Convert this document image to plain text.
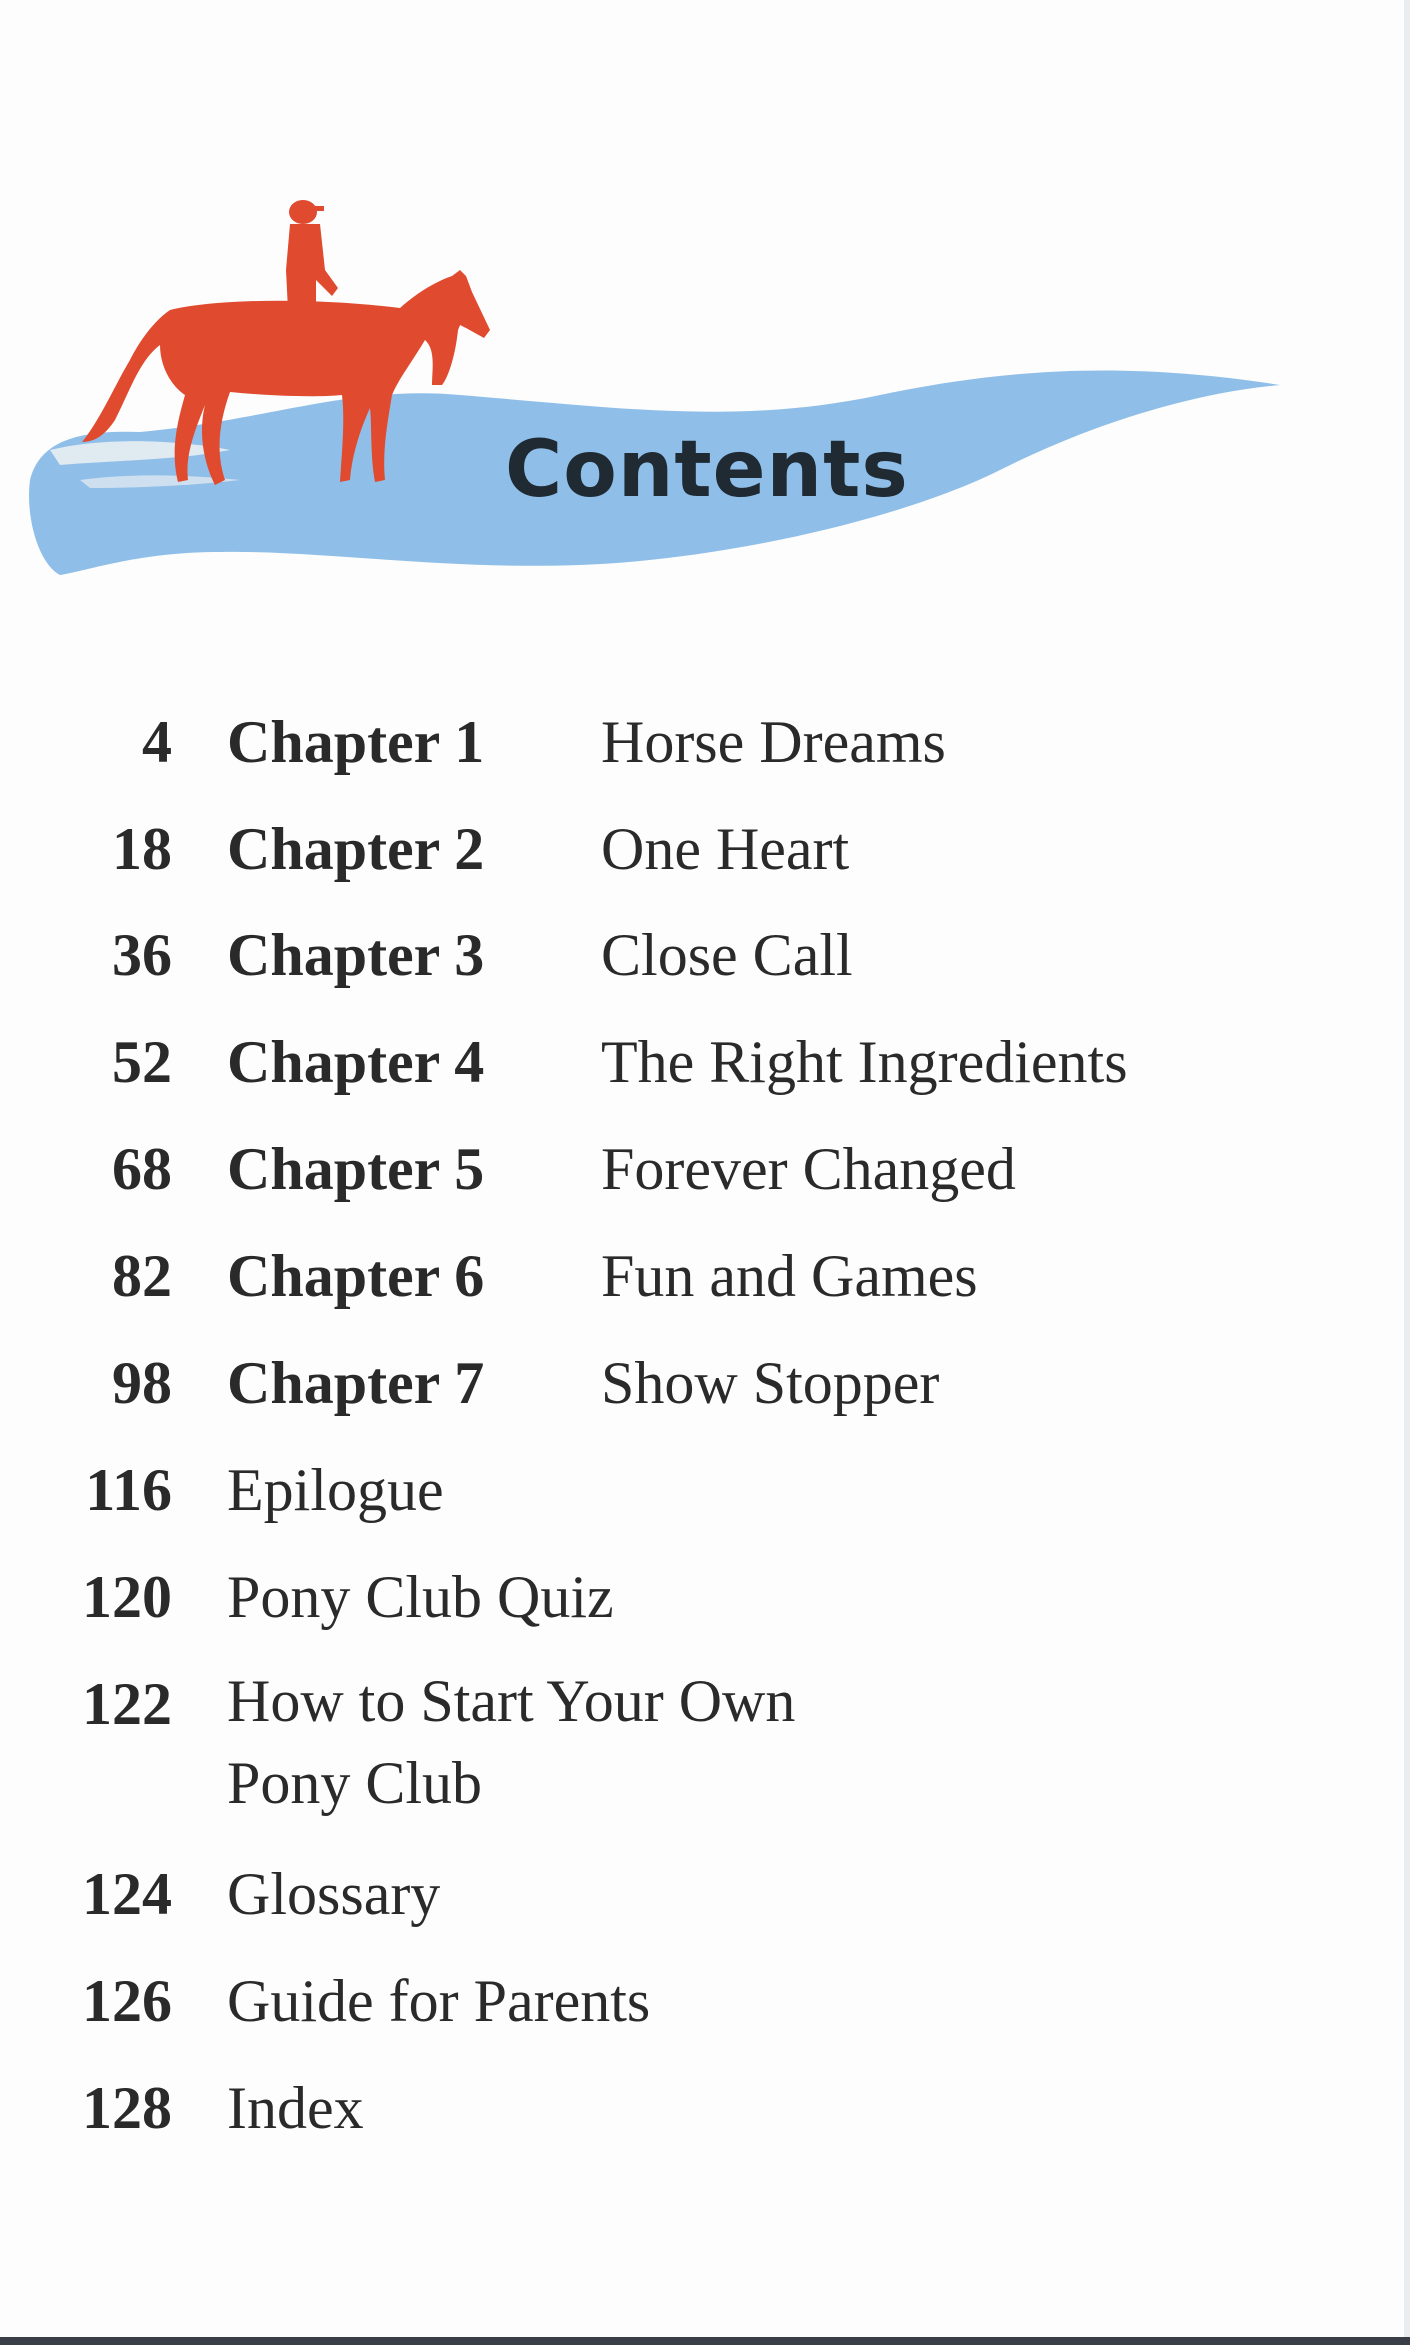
Contents
4 Chapter 1 Horse Dreams
18 Chapter 2 One Heart
36 Chapter 3 Close Call
52 Chapter 4 The Right Ingredients
68 Chapter 5 Forever Changed
82 Chapter 6 Fun and Games
98 Chapter 7 Show Stopper
116 Epilogue
120 Pony Club Quiz
122 How to Start Your Own Pony Club
124 Glossary
126 Guide for Parents
128 Index
